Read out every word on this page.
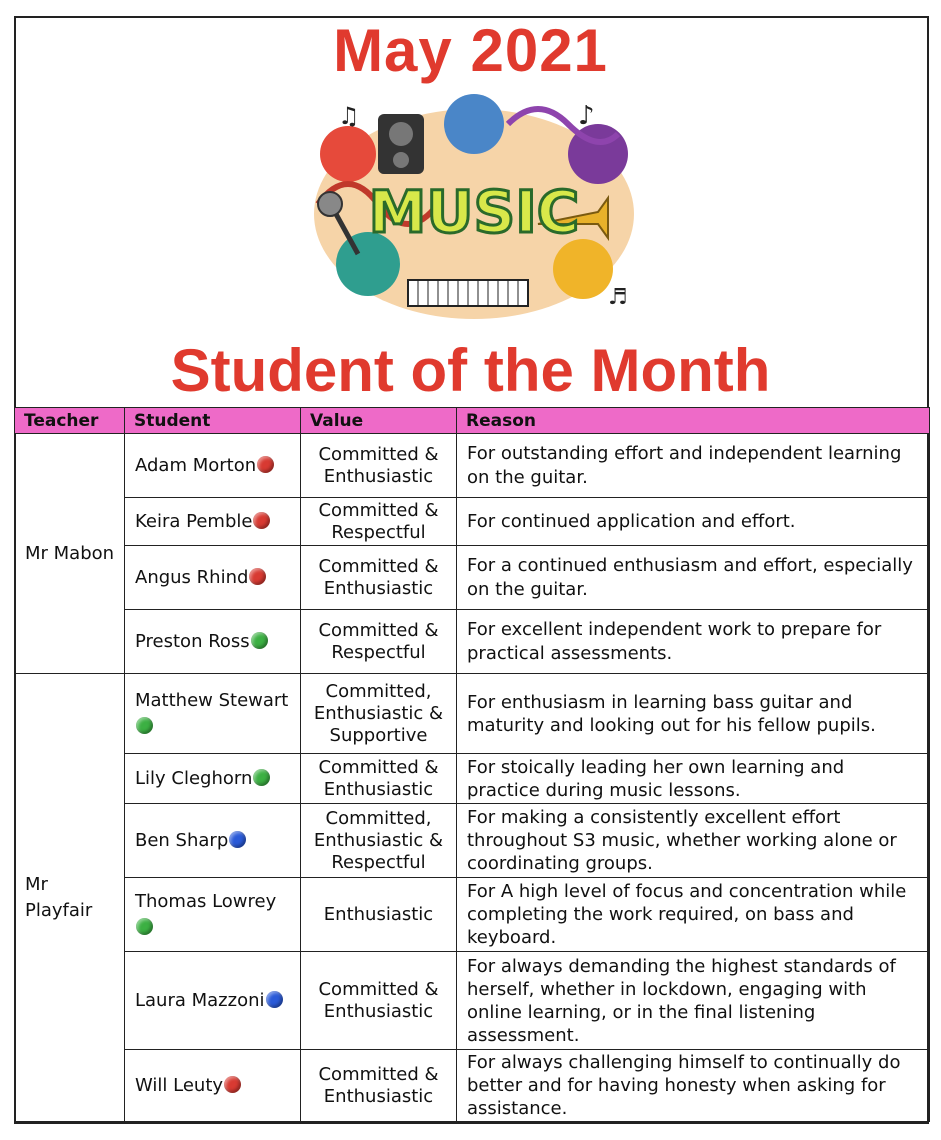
May 2021
♪
♫
♬
MUSIC
Student of the Month
Teacher	Student	Value	Reason
Mr Mabon	Adam Morton	Committed & Enthusiastic	For outstanding effort and independent learning on the guitar.
	Keira Pemble	Committed & Respectful	For continued application and effort.
	Angus Rhind	Committed & Enthusiastic	For a continued enthusiasm and effort, especially on the guitar.
	Preston Ross	Committed & Respectful	For excellent independent work to prepare for practical assessments.
Mr Playfair	Matthew Stewart	Committed, Enthusiastic & Supportive	For enthusiasm in learning bass guitar and maturity and looking out for his fellow pupils.
	Lily Cleghorn	Committed & Enthusiastic	For stoically leading her own learning and practice during music lessons.
	Ben Sharp	Committed, Enthusiastic & Respectful	For making a consistently excellent effort throughout S3 music, whether working alone or coordinating groups.
	Thomas Lowrey	Enthusiastic	For A high level of focus and concentration while completing the work required, on bass and keyboard.
	Laura Mazzoni	Committed & Enthusiastic	For always demanding the highest standards of herself, whether in lockdown, engaging with online learning, or in the final listening assessment.
	Will Leuty	Committed & Enthusiastic	For always challenging himself to continually do better and for having honesty when asking for assistance.
